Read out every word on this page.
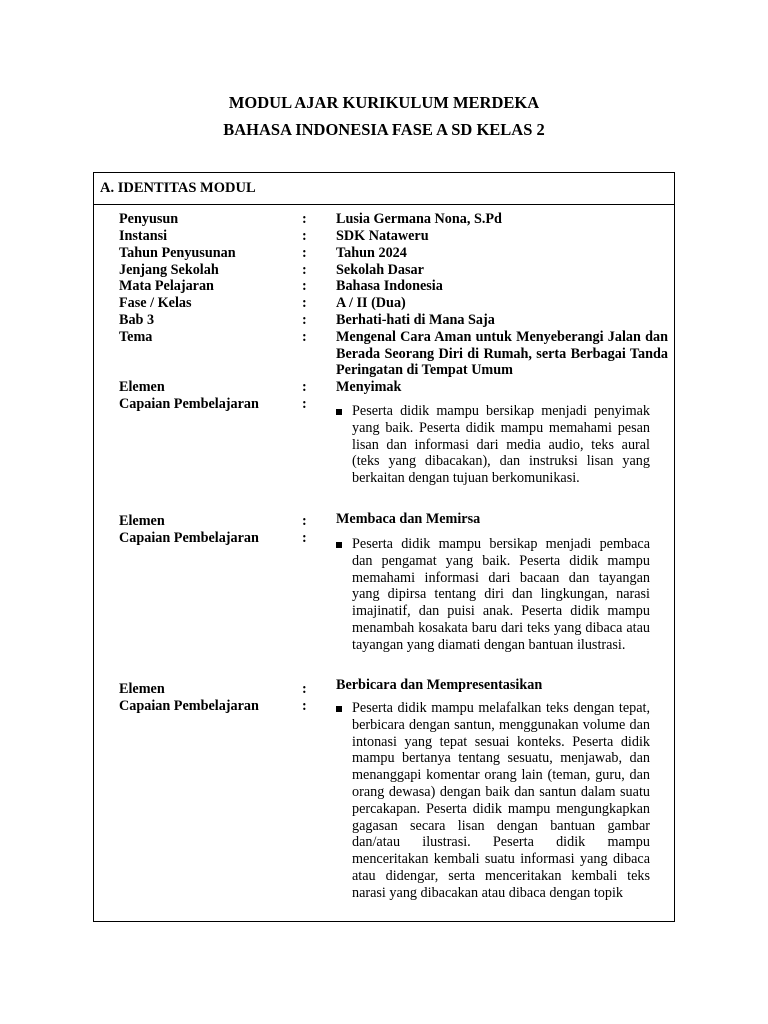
MODUL AJAR KURIKULUM MERDEKA
BAHASA INDONESIA FASE A SD KELAS 2
A. IDENTITAS MODUL
Penyusun	: Lusia Germana Nona, S.Pd
Instansi	: SDK Nataweru
Tahun Penyusunan	: Tahun 2024
Jenjang Sekolah	: Sekolah Dasar
Mata Pelajaran	: Bahasa Indonesia
Fase / Kelas	: A / II (Dua)
Bab 3	: Berhati-hati di Mana Saja
Tema	: Mengenal Cara Aman untuk Menyeberangi Jalan dan Berada Seorang Diri di Rumah, serta Berbagai Tanda Peringatan di Tempat Umum
Elemen	: Menyimak
Capaian Pembelajaran	:	Peserta didik mampu bersikap menjadi penyimak yang baik. Peserta didik mampu memahami pesan lisan dan informasi dari media audio, teks aural (teks yang dibacakan), dan instruksi lisan yang berkaitan dengan tujuan berkomunikasi.
Elemen	: Membaca dan Memirsa
Capaian Pembelajaran	:	Peserta didik mampu bersikap menjadi pembaca dan pengamat yang baik. Peserta didik mampu memahami informasi dari bacaan dan tayangan yang dipirsa tentang diri dan lingkungan, narasi imajinatif, dan puisi anak. Peserta didik mampu menambah kosakata baru dari teks yang dibaca atau tayangan yang diamati dengan bantuan ilustrasi.
Elemen	: Berbicara dan Mempresentasikan
Capaian Pembelajaran	:	Peserta didik mampu melafalkan teks dengan tepat, berbicara dengan santun, menggunakan volume dan intonasi yang tepat sesuai konteks. Peserta didik mampu bertanya tentang sesuatu, menjawab, dan menanggapi komentar orang lain (teman, guru, dan orang dewasa) dengan baik dan santun dalam suatu percakapan. Peserta didik mampu mengungkapkan gagasan secara lisan dengan bantuan gambar dan/atau ilustrasi. Peserta didik mampu menceritakan kembali suatu informasi yang dibaca atau didengar, serta menceritakan kembali teks narasi yang dibacakan atau dibaca dengan topik
